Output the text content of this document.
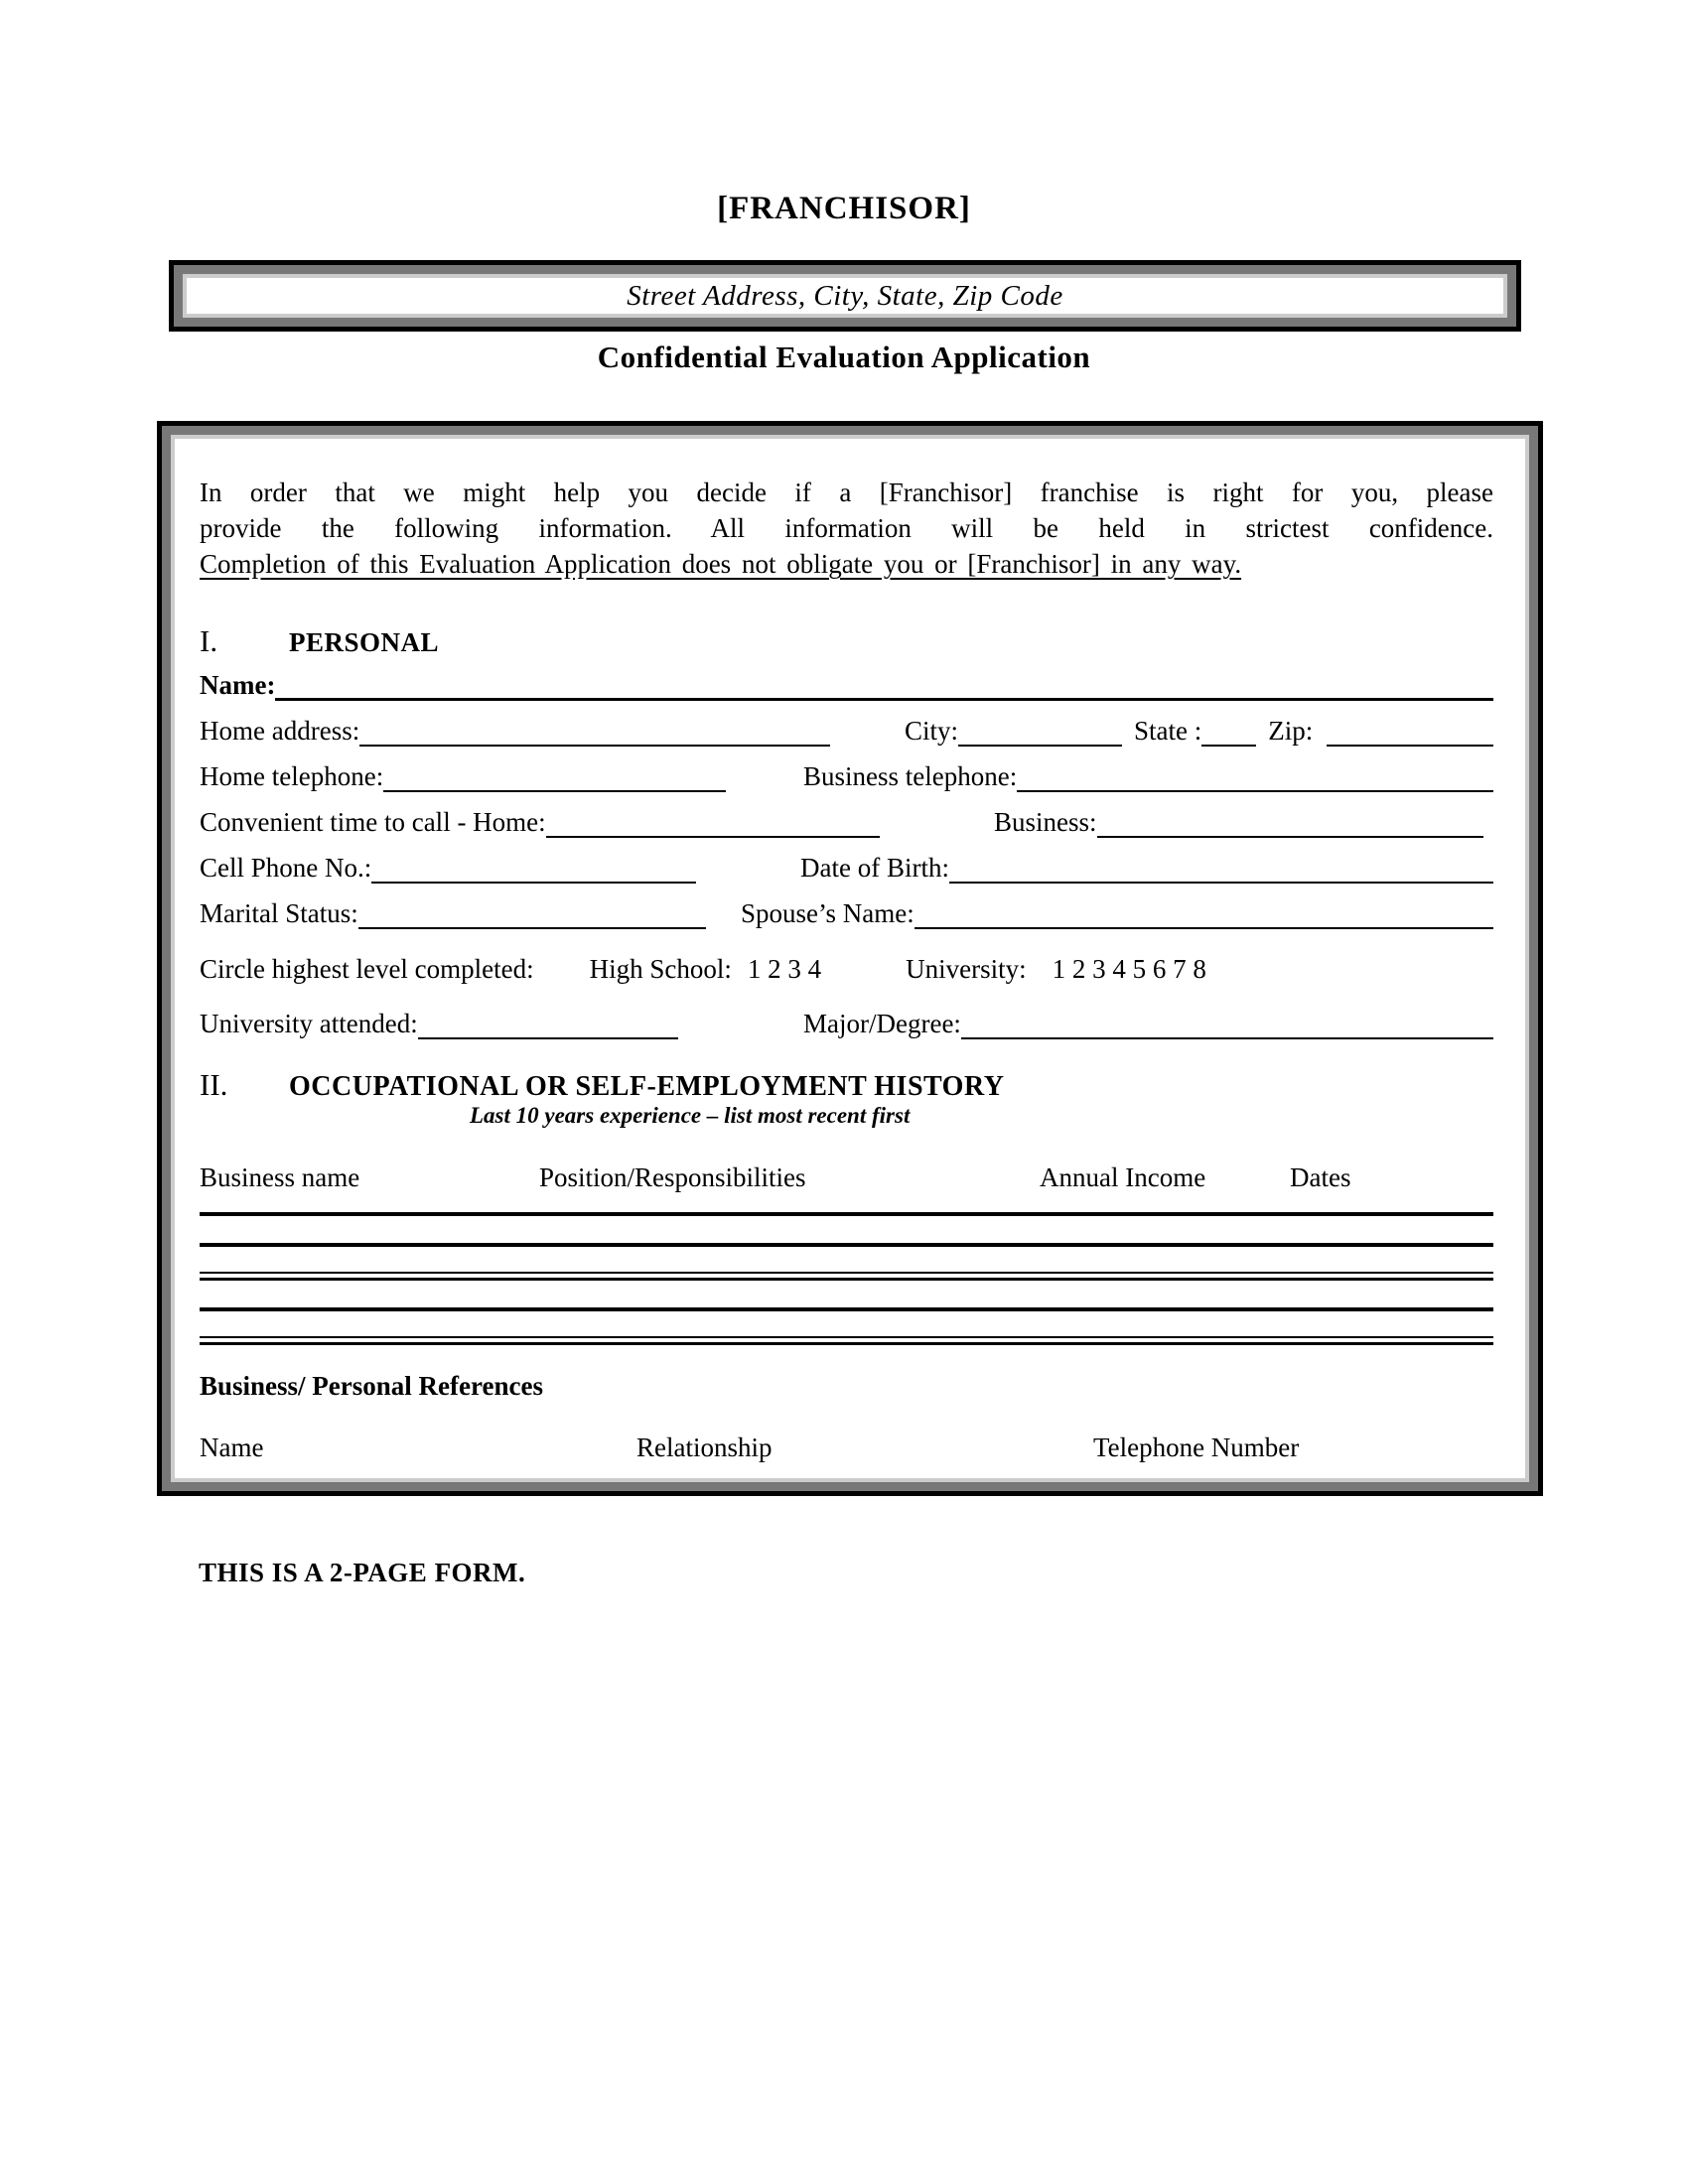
[FRANCHISOR]
Street Address, City, State, Zip Code
Confidential Evaluation Application
In order that we might help you decide if a [Franchisor] franchise is right for you, please
provide the following information. All information will be held in strictest confidence.
Completion of this Evaluation Application does not obligate you or [Franchisor] in any way.
I.	PERSONAL
Name:
Home address:	City:	State : Zip:
Home telephone:	Business telephone:
Convenient time to call - Home:	Business:
Cell Phone No.:	Date of Birth:
Marital Status:	Spouse’s Name:
Circle highest level completed: High School: 1 2 3 4	University: 1 2 3 4 5 6 7 8
University attended:	Major/Degree:
II.	OCCUPATIONAL OR SELF-EMPLOYMENT HISTORY
Last 10 years experience – list most recent first
Business name	Position/Responsibilities	Annual Income	Dates
Business/ Personal References
Name	Relationship	Telephone Number
THIS IS A 2-PAGE FORM.
